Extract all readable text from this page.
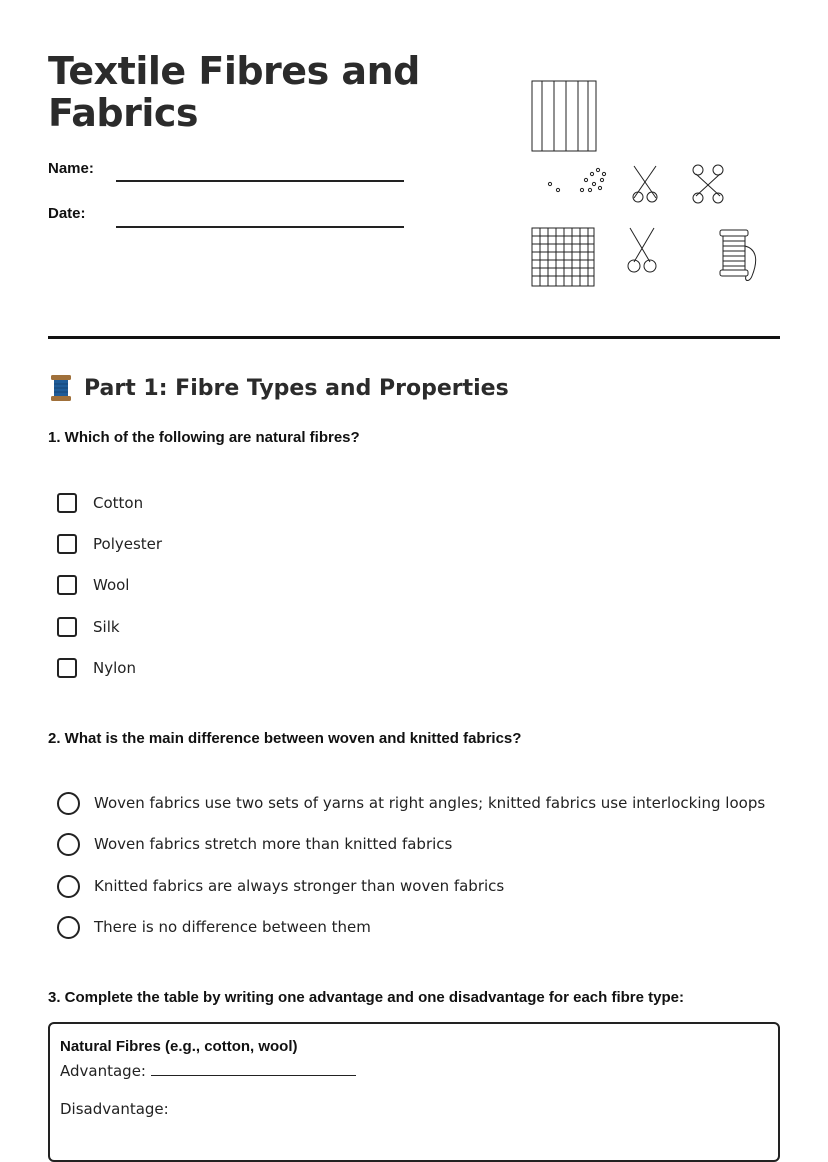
Textile Fibres and Fabrics
Name:
Date:
Part 1: Fibre Types and Properties
1. Which of the following are natural fibres?
Cotton
Polyester
Wool
Silk
Nylon
2. What is the main difference between woven and knitted fabrics?
Woven fabrics use two sets of yarns at right angles; knitted fabrics use interlocking loops
Woven fabrics stretch more than knitted fabrics
Knitted fabrics are always stronger than woven fabrics
There is no difference between them
3. Complete the table by writing one advantage and one disadvantage for each fibre type:
Natural Fibres (e.g., cotton, wool)
Advantage:
Disadvantage:
